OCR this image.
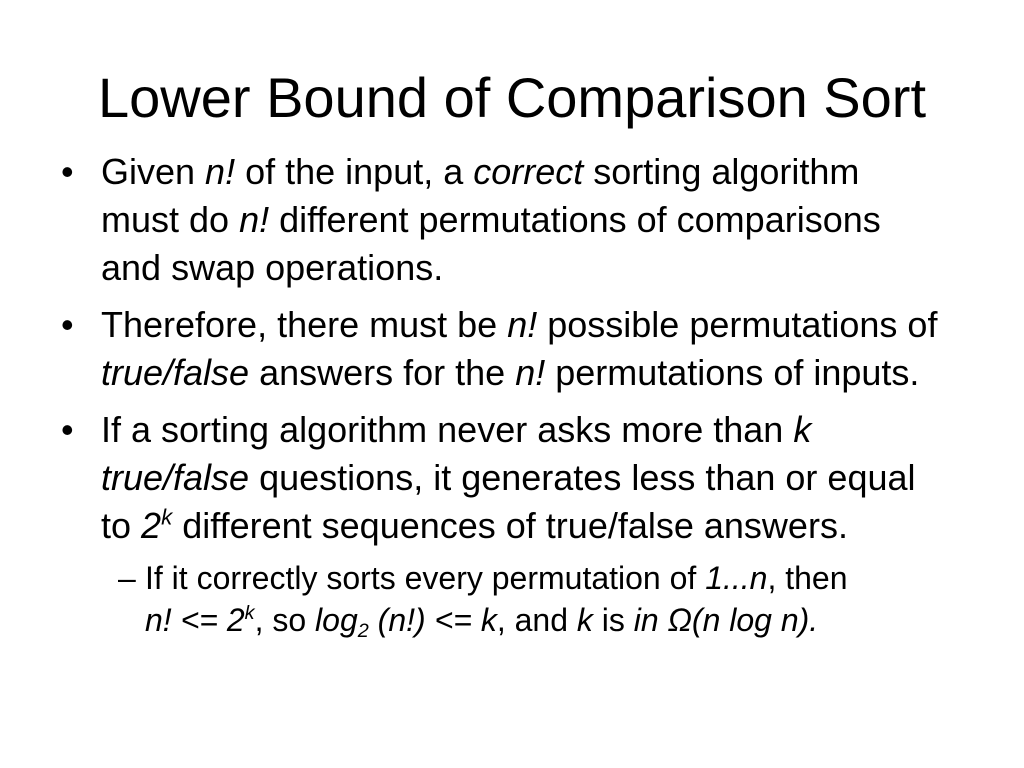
Lower Bound of Comparison Sort
• Given n! of the input, a correct sorting algorithm
must do n! different permutations of comparisons
and swap operations.
• Therefore, there must be n! possible permutations of
true/false answers for the n! permutations of inputs.
• If a sorting algorithm never asks more than k
true/false questions, it generates less than or equal
to 2$^k$ different sequences of true/false answers.
– If it correctly sorts every permutation of 1...n, then
n! <= $2^k$, so $\log_2 (n!) <= k$, and k is in Ω(n log n).
